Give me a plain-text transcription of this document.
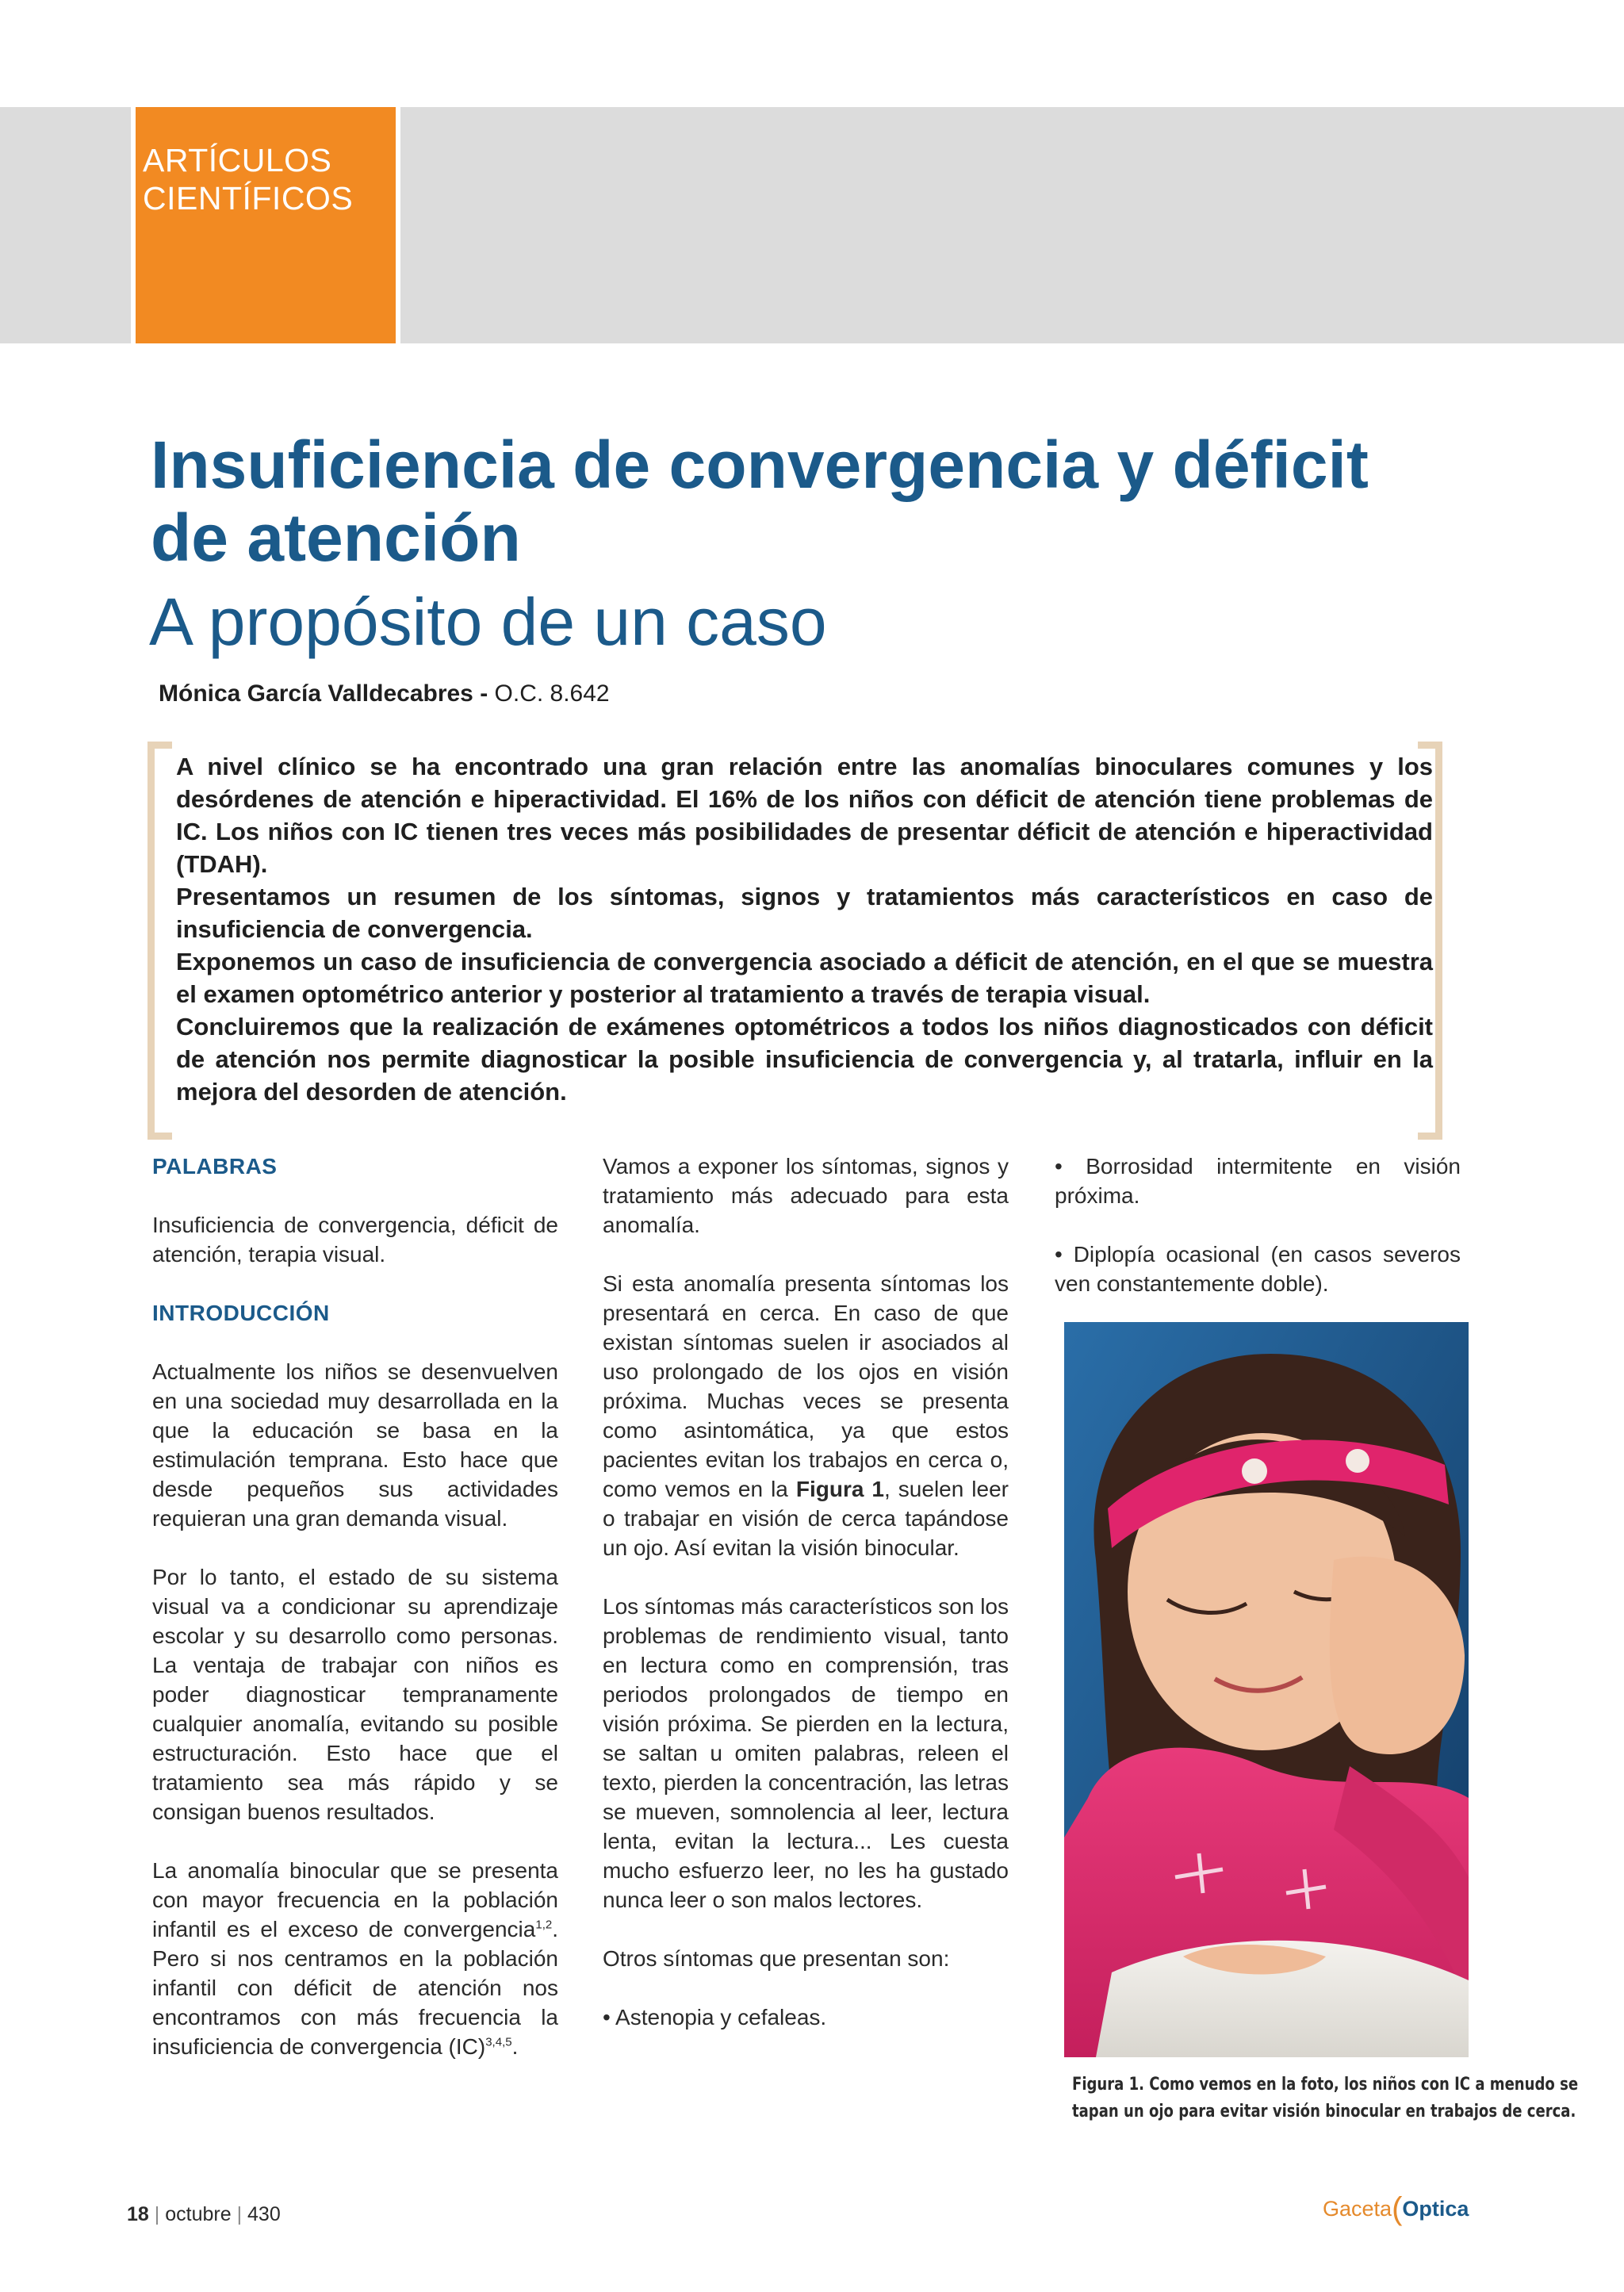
ARTÍCULOS
CIENTÍFICOS
Insuficiencia de convergencia y déficit
de atención
A propósito de un caso
Mónica García Valldecabres - O.C. 8.642

A nivel clínico se ha encontrado una gran relación entre las anomalías binoculares comunes y los desórdenes de atención e hiperactividad. El 16% de los niños con déficit de atención tiene problemas de IC. Los niños con IC tienen tres veces más posibilidades de presentar déficit de atención e hiperactividad (TDAH).

Presentamos un resumen de los síntomas, signos y tratamientos más característicos en caso de insuficiencia de convergencia.

Exponemos un caso de insuficiencia de convergencia asociado a déficit de atención, en el que se muestra el examen optométrico anterior y posterior al tratamiento a través de terapia visual.

Concluiremos que la realización de exámenes optométricos a todos los niños diagnosticados con déficit de atención nos permite diagnosticar la posible insuficiencia de convergencia y, al tratarla, influir en la mejora del desorden de atención.

PALABRAS

Insuficiencia de convergencia, déficit de atención, terapia visual.

INTRODUCCIÓN

Actualmente los niños se desenvuelven en una sociedad muy desarrollada en la que la educación se basa en la estimulación temprana. Esto hace que desde pequeños sus actividades requieran una gran demanda visual.

Por lo tanto, el estado de su sistema visual va a condicionar su aprendizaje escolar y su desarrollo como personas. La ventaja de trabajar con niños es poder diagnosticar tempranamente cualquier anomalía, evitando su posible estructuración. Esto hace que el tratamiento sea más rápido y se consigan buenos resultados.

La anomalía binocular que se presenta con mayor frecuencia en la población infantil es el exceso de convergencia$^{1,2}$. Pero si nos centramos en la población infantil con déficit de atención nos encontramos con más frecuencia la insuficiencia de convergencia (IC)$^{3,4,5}$.

Vamos a exponer los síntomas, signos y tratamiento más adecuado para esta anomalía.

Si esta anomalía presenta síntomas los presentará en cerca. En caso de que existan síntomas suelen ir asociados al uso prolongado de los ojos en visión próxima. Muchas veces se presenta como asintomática, ya que estos pacientes evitan los trabajos en cerca o, como vemos en la Figura 1, suelen leer o trabajar en visión de cerca tapándose un ojo. Así evitan la visión binocular.

Los síntomas más característicos son los problemas de rendimiento visual, tanto en lectura como en comprensión, tras periodos prolongados de tiempo en visión próxima. Se pierden en la lectura, se saltan u omiten palabras, releen el texto, pierden la concentración, las letras se mueven, somnolencia al leer, lectura lenta, evitan la lectura... Les cuesta mucho esfuerzo leer, no les ha gustado nunca leer o son malos lectores.

Otros síntomas que presentan son:

• Astenopia y cefaleas.

• Borrosidad intermitente en visión próxima.

• Diplopía ocasional (en casos severos ven constantemente doble).

Figura 1. Como vemos en la foto, los niños con IC a menudo se
tapan un ojo para evitar visión binocular en trabajos de cerca.
18 | octubre | 430	Gaceta(Optica
